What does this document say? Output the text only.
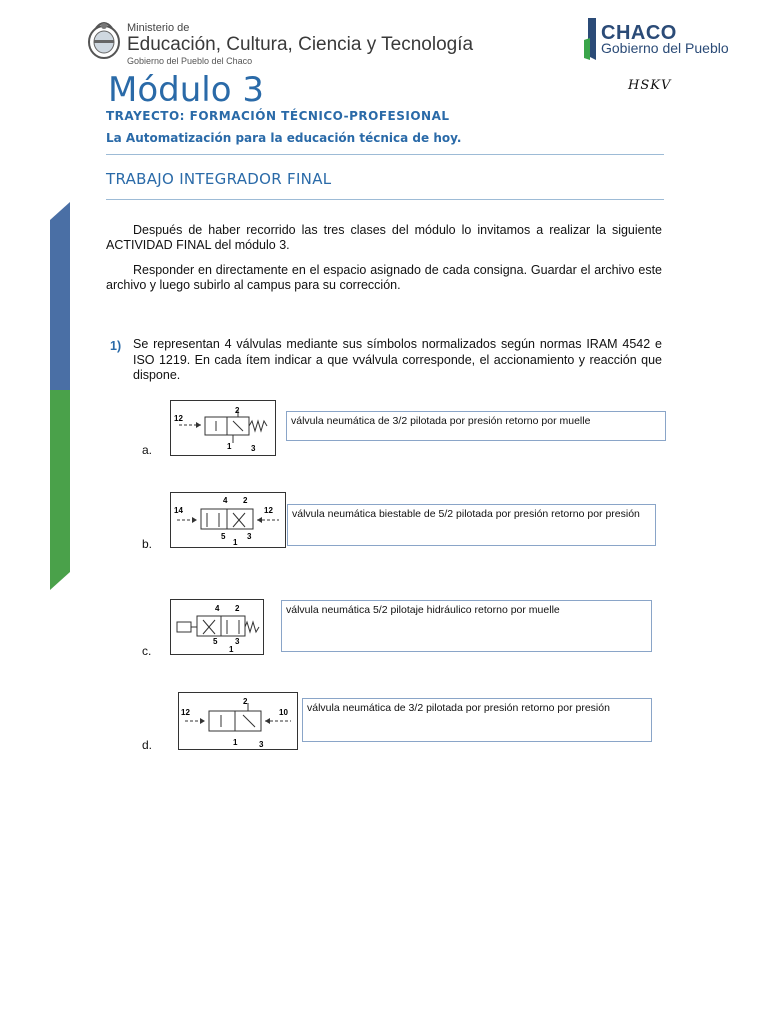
Ministerio de
Educación, Cultura, Ciencia y Tecnología
Gobierno del Pueblo del Chaco
CHACO
Gobierno del Pueblo
Módulo 3	HSKV
TRAYECTO: FORMACIÓN TÉCNICO-PROFESIONAL
La Automatización para la educación técnica de hoy.
TRABAJO INTEGRADOR FINAL
Después de haber recorrido las tres clases del módulo lo invitamos a realizar la siguiente ACTIVIDAD FINAL del módulo 3.
Responder en directamente en el espacio asignado de cada consigna. Guardar el archivo este archivo y luego subirlo al campus para su corrección.
1) Se representan 4 válvulas mediante sus símbolos normalizados según normas IRAM 4542 e ISO 1219. En cada ítem indicar a que vválvula corresponde, el accionamiento y reacción que dispone.
12
2
1 3
a.
válvula neumática de 3/2 pilotada por presión retorno por muelle
14
4 2
12
5	3
1
b.
válvula neumática biestable de 5/2 pilotada por presión retorno por presión
4 2
5 3
1
c.
válvula neumática 5/2 pilotaje hidráulico retorno por muelle
12
2
10
1	3
d.
válvula neumática de 3/2 pilotada por presión retorno por presión
